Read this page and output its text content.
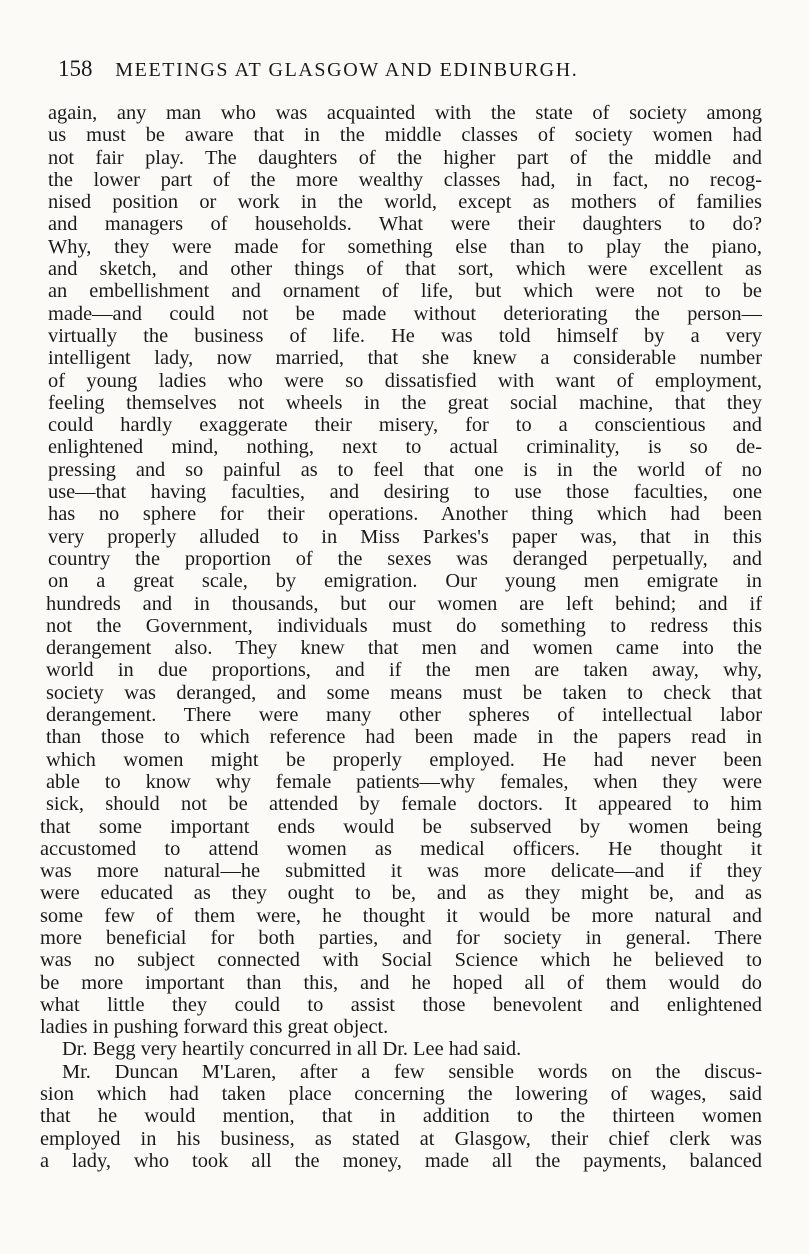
158 MEETINGS AT GLASGOW AND EDINBURGH.
again, any man who was acquainted with the state of society among
us must be aware that in the middle classes of society women had
not fair play. The daughters of the higher part of the middle and
the lower part of the more wealthy classes had, in fact, no recog-
nised position or work in the world, except as mothers of families
and managers of households. What were their daughters to do?
Why, they were made for something else than to play the piano,
and sketch, and other things of that sort, which were excellent as
an embellishment and ornament of life, but which were not to be
made—and could not be made without deteriorating the person—
virtually the business of life. He was told himself by a very
intelligent lady, now married, that she knew a considerable number
of young ladies who were so dissatisfied with want of employment,
feeling themselves not wheels in the great social machine, that they
could hardly exaggerate their misery, for to a conscientious and
enlightened mind, nothing, next to actual criminality, is so de-
pressing and so painful as to feel that one is in the world of no
use—that having faculties, and desiring to use those faculties, one
has no sphere for their operations. Another thing which had been
very properly alluded to in Miss Parkes's paper was, that in this
country the proportion of the sexes was deranged perpetually, and
on a great scale, by emigration. Our young men emigrate in
hundreds and in thousands, but our women are left behind; and if
not the Government, individuals must do something to redress this
derangement also. They knew that men and women came into the
world in due proportions, and if the men are taken away, why,
society was deranged, and some means must be taken to check that
derangement. There were many other spheres of intellectual labor
than those to which reference had been made in the papers read in
which women might be properly employed. He had never been
able to know why female patients—why females, when they were
sick, should not be attended by female doctors. It appeared to him
that some important ends would be subserved by women being
accustomed to attend women as medical officers. He thought it
was more natural—he submitted it was more delicate—and if they
were educated as they ought to be, and as they might be, and as
some few of them were, he thought it would be more natural and
more beneficial for both parties, and for society in general. There
was no subject connected with Social Science which he believed to
be more important than this, and he hoped all of them would do
what little they could to assist those benevolent and enlightened
ladies in pushing forward this great object.
Dr. Begg very heartily concurred in all Dr. Lee had said.
Mr. Duncan M'Laren, after a few sensible words on the discus-
sion which had taken place concerning the lowering of wages, said
that he would mention, that in addition to the thirteen women
employed in his business, as stated at Glasgow, their chief clerk was
a lady, who took all the money, made all the payments, balanced
